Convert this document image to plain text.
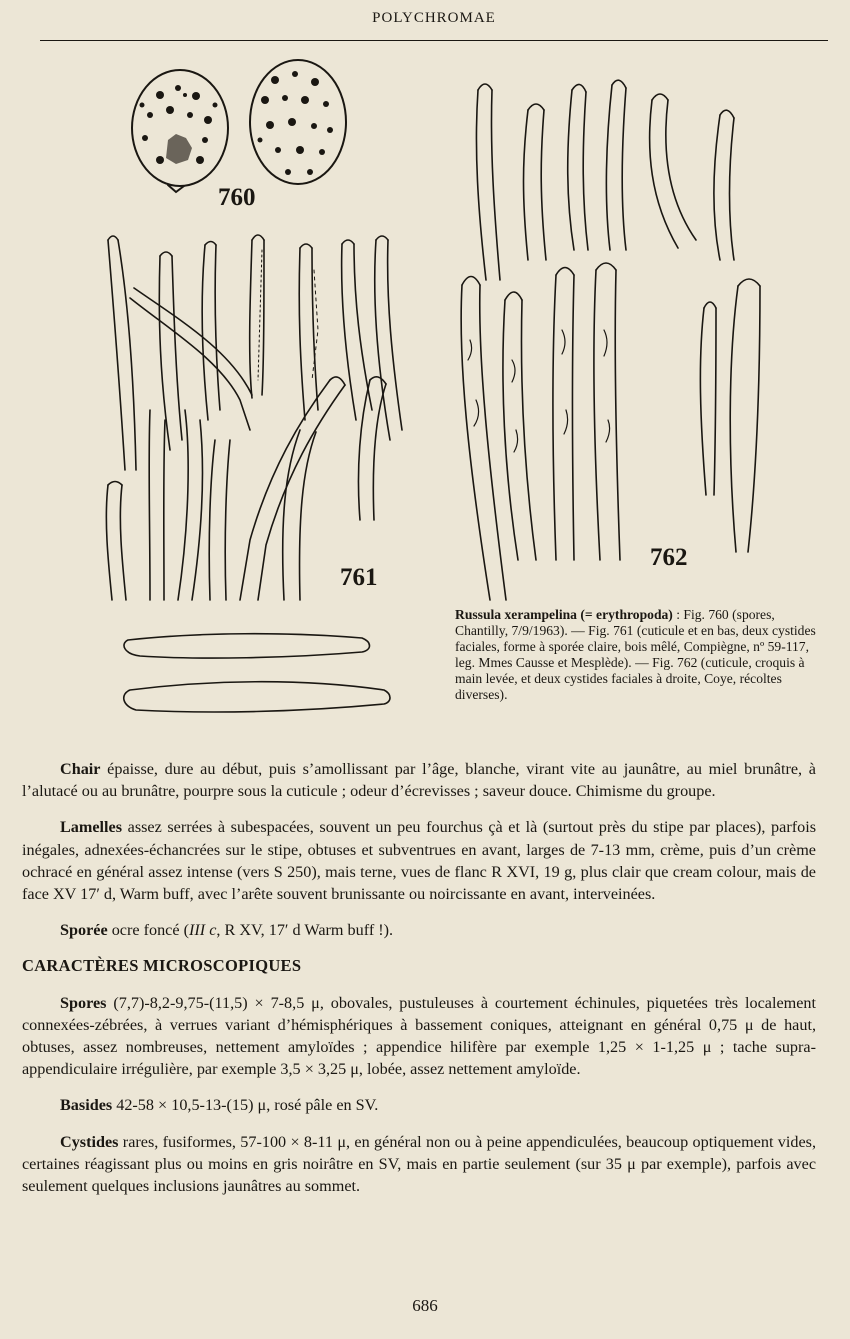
POLYCHROMAE
760
761
762
Russula xerampelina (= erythropoda) : Fig. 760 (spores, Chantilly, 7/9/1963). — Fig. 761 (cuticule et en bas, deux cystides faciales, forme à sporée claire, bois mêlé, Compiègne, nº 59-117, leg. Mmes Causse et Mesplède). — Fig. 762 (cuticule, croquis à main levée, et deux cystides faciales à droite, Coye, récoltes diverses).

Chair épaisse, dure au début, puis s’amollissant par l’âge, blanche, virant vite au jaunâtre, au miel brunâtre, à l’alutacé ou au brunâtre, pourpre sous la cuticule ; odeur d’écrevisses ; saveur douce. Chimisme du groupe.

Lamelles assez serrées à subespacées, souvent un peu fourchus çà et là (surtout près du stipe par places), parfois inégales, adnexées-échancrées sur le stipe, obtuses et subventrues en avant, larges de 7-13 mm, crème, puis d’un crème ochracé en général assez intense (vers S 250), mais terne, vues de flanc R XVI, 19 g, plus clair que cream colour, mais de face XV 17′ d, Warm buff, avec l’arête souvent brunissante ou noircissante en avant, interveinées.

Sporée ocre foncé (III c, R XV, 17′ d Warm buff !).

CARACTÈRES MICROSCOPIQUES

Spores (7,7)-8,2-9,75-(11,5) × 7-8,5 μ, obovales, pustuleuses à courtement échinules, piquetées très localement connexées-zébrées, à verrues variant d’hémisphériques à bassement coniques, atteignant en général 0,75 μ de haut, obtuses, assez nombreuses, nettement amyloïdes ; appendice hilifère par exemple 1,25 × 1-1,25 μ ; tache supra-appendiculaire irrégulière, par exemple 3,5 × 3,25 μ, lobée, assez nettement amyloïde.

Basides 42-58 × 10,5-13-(15) μ, rosé pâle en SV.

Cystides rares, fusiformes, 57-100 × 8-11 μ, en général non ou à peine appendiculées, beaucoup optiquement vides, certaines réagissant plus ou moins en gris noirâtre en SV, mais en partie seulement (sur 35 μ par exemple), parfois avec seulement quelques inclusions jaunâtres au sommet.

686
